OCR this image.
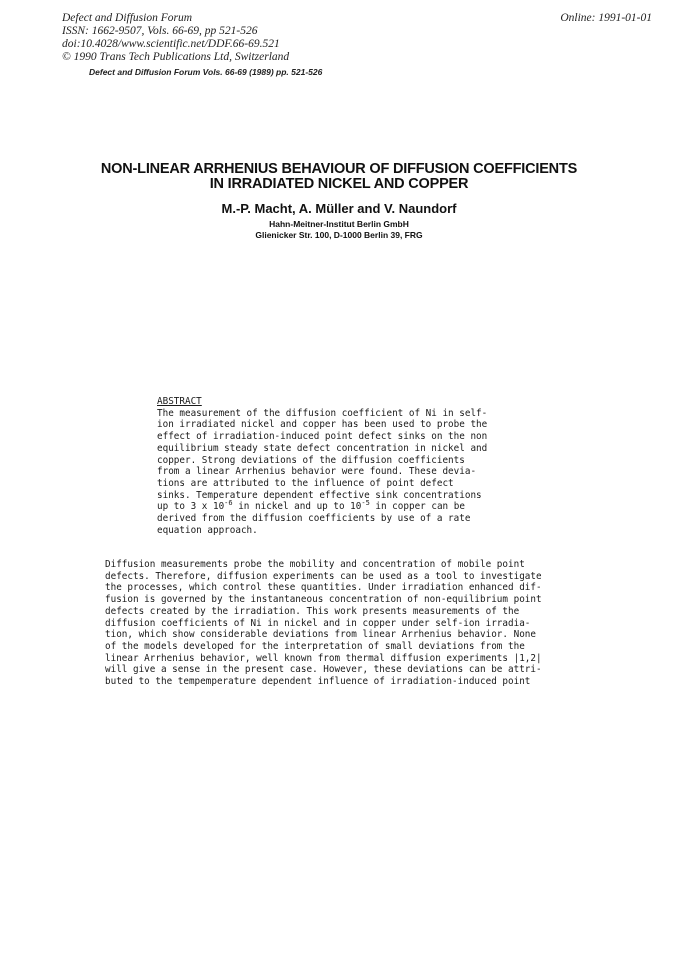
Defect and Diffusion Forum
ISSN: 1662-9507, Vols. 66-69, pp 521-526
doi:10.4028/www.scientific.net/DDF.66-69.521
© 1990 Trans Tech Publications Ltd, Switzerland
Online: 1991-01-01
Defect and Diffusion Forum Vols. 66-69 (1989) pp. 521-526
NON-LINEAR ARRHENIUS BEHAVIOUR OF DIFFUSION COEFFICIENTS
IN IRRADIATED NICKEL AND COPPER
M.-P. Macht, A. Müller and V. Naundorf
Hahn-Meitner-Institut Berlin GmbH
Glienicker Str. 100, D-1000 Berlin 39, FRG
ABSTRACT
The measurement of the diffusion coefficient of Ni in self-
ion irradiated nickel and copper has been used to probe the
effect of irradiation-induced point defect sinks on the non
equilibrium steady state defect concentration in nickel and
copper. Strong deviations of the diffusion coefficients
from a linear Arrhenius behavior were found. These devia-
tions are attributed to the influence of point defect
sinks. Temperature dependent effective sink concentrations
up to 3 x $10^{-6}$ in nickel and up to $10^{-5}$ in copper can be
derived from the diffusion coefficients by use of a rate
equation approach.
Diffusion measurements probe the mobility and concentration of mobile point
defects. Therefore, diffusion experiments can be used as a tool to investigate
the processes, which control these quantities. Under irradiation enhanced dif-
fusion is governed by the instantaneous concentration of non-equilibrium point
defects created by the irradiation. This work presents measurements of the
diffusion coefficients of Ni in nickel and in copper under self-ion irradia-
tion, which show considerable deviations from linear Arrhenius behavior. None
of the models developed for the interpretation of small deviations from the
linear Arrhenius behavior, well known from thermal diffusion experiments |1,2|
will give a sense in the present case. However, these deviations can be attri-
buted to the tempemperature dependent influence of irradiation-induced point
